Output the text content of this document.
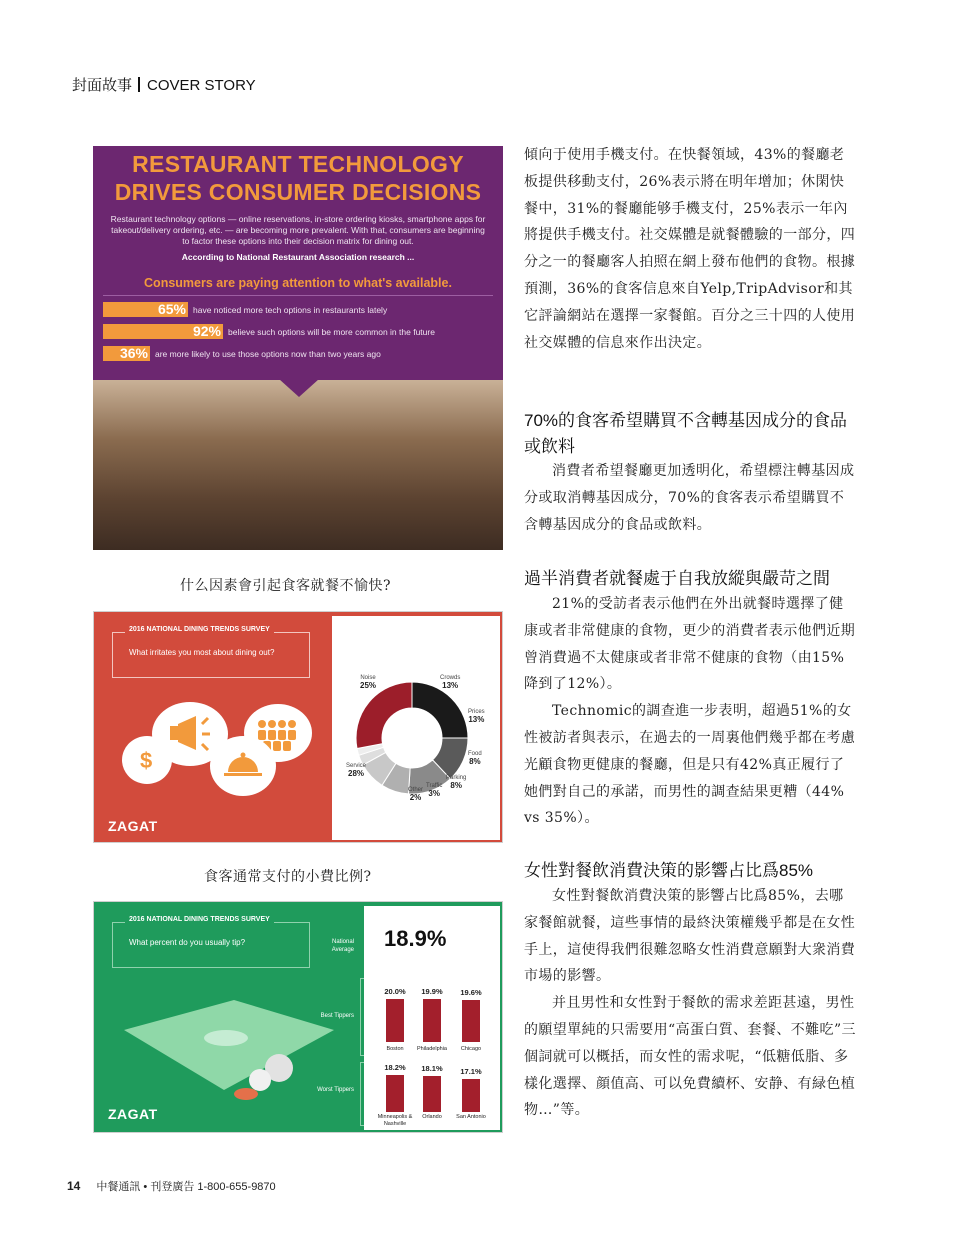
封面故事 COVER STORY
RESTAURANT TECHNOLOGY
DRIVES CONSUMER DECISIONS
Restaurant technology options — online reservations, in-store ordering kiosks, smartphone apps for takeout/delivery ordering, etc. — are becoming more prevalent. With that, consumers are beginning to factor these options into their decision matrix for dining out.
According to National Restaurant Association research ...
Consumers are paying attention to what's available.
65% have noticed more tech options in restaurants lately
92% believe such options will be more common in the future
36% are more likely to use those options now than two years ago
什么因素會引起食客就餐不愉快?
2016 NATIONAL DINING TRENDS SURVEY
What irritates you most about dining out?
$
ZAGAT
Noise
25%
Crowds
13%
Prices
13%
Food
8%
Parking
8%
Traffic
3%
Other
2%
Service
28%
食客通常支付的小費比例?
2016 NATIONAL DINING TRENDS SURVEY
What percent do you usually tip?
ZAGAT
National
Average
Best Tippers
Worst Tippers
20.0%
Boston
19.9%
Philadelphia
19.6%
Chicago
18.2%
Minneapolis & Nashville
18.1%
Orlando
17.1%
San Antonio
18.9%

傾向于使用手機支付。在快餐領域，43%的餐廳老板提供移動支付，26%表示將在明年增加；休閑快餐中，31%的餐廳能够手機支付，25%表示一年內將提供手機支付。社交媒體是就餐體驗的一部分，四分之一的餐廳客人拍照在網上發布他們的食物。根據預測，36%的食客信息來自Yelp,TripAdvisor和其它評論網站在選擇一家餐館。百分之三十四的人使用社交媒體的信息來作出決定。

70%的食客希望購買不含轉基因成分的食品或飲料

消費者希望餐廳更加透明化，希望標注轉基因成分或取消轉基因成分，70%的食客表示希望購買不含轉基因成分的食品或飲料。

過半消費者就餐處于自我放縱與嚴苛之間

21%的受訪者表示他們在外出就餐時選擇了健康或者非常健康的食物，更少的消費者表示他們近期曾消費過不太健康或者非常不健康的食物（由15%降到了12%）。

Technomic的調查進一步表明，超過51%的女性被訪者與表示，在過去的一周裏他們幾乎都在考慮光顧食物更健康的餐廳，但是只有42%真正履行了她們對自己的承諾，而男性的調查結果更糟（44% vs 35%）。

女性對餐飲消費決策的影響占比爲85%

女性對餐飲消費決策的影響占比爲85%，去哪家餐館就餐，這些事情的最終決策權幾乎都是在女性手上，這使得我們很難忽略女性消費意願對大衆消費市場的影響。

并且男性和女性對于餐飲的需求差距甚遠，男性的願望單純的只需要用“高蛋白質、套餐、不難吃”三個詞就可以概括，而女性的需求呢，“低糖低脂、多樣化選擇、顔值高、可以免費續杯、安静、有緑色植物…”等。

14 中餐通訊 • 刊登廣告 1-800-655-9870
